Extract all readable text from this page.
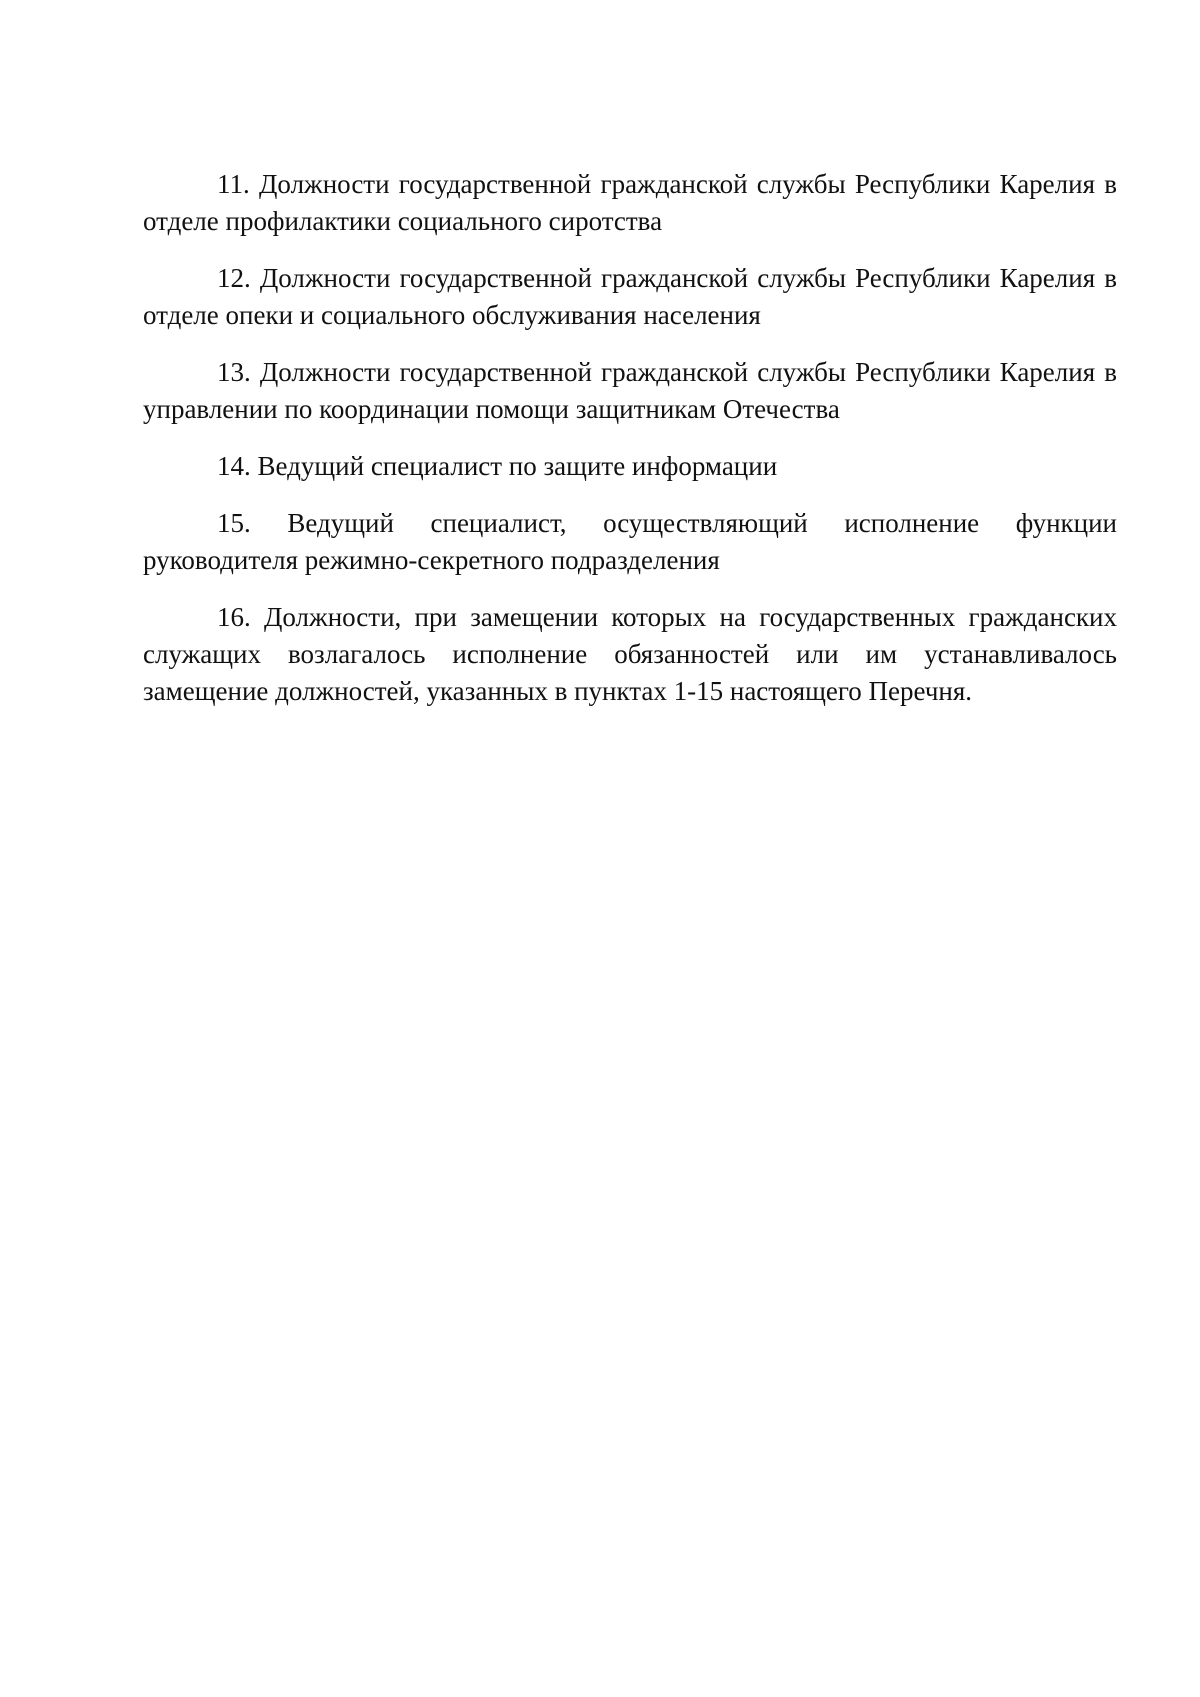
11. Должности государственной гражданской службы Республики Карелия в отделе профилактики социального сиротства

12. Должности государственной гражданской службы Республики Карелия в отделе опеки и социального обслуживания населения

13. Должности государственной гражданской службы Республики Карелия в управлении по координации помощи защитникам Отечества

14. Ведущий специалист по защите информации

15. Ведущий специалист, осуществляющий исполнение функции руководителя режимно-секретного подразделения

16. Должности, при замещении которых на государственных гражданских служащих возлагалось исполнение обязанностей или им устанавливалось замещение должностей, указанных в пунктах 1-15 настоящего Перечня.
